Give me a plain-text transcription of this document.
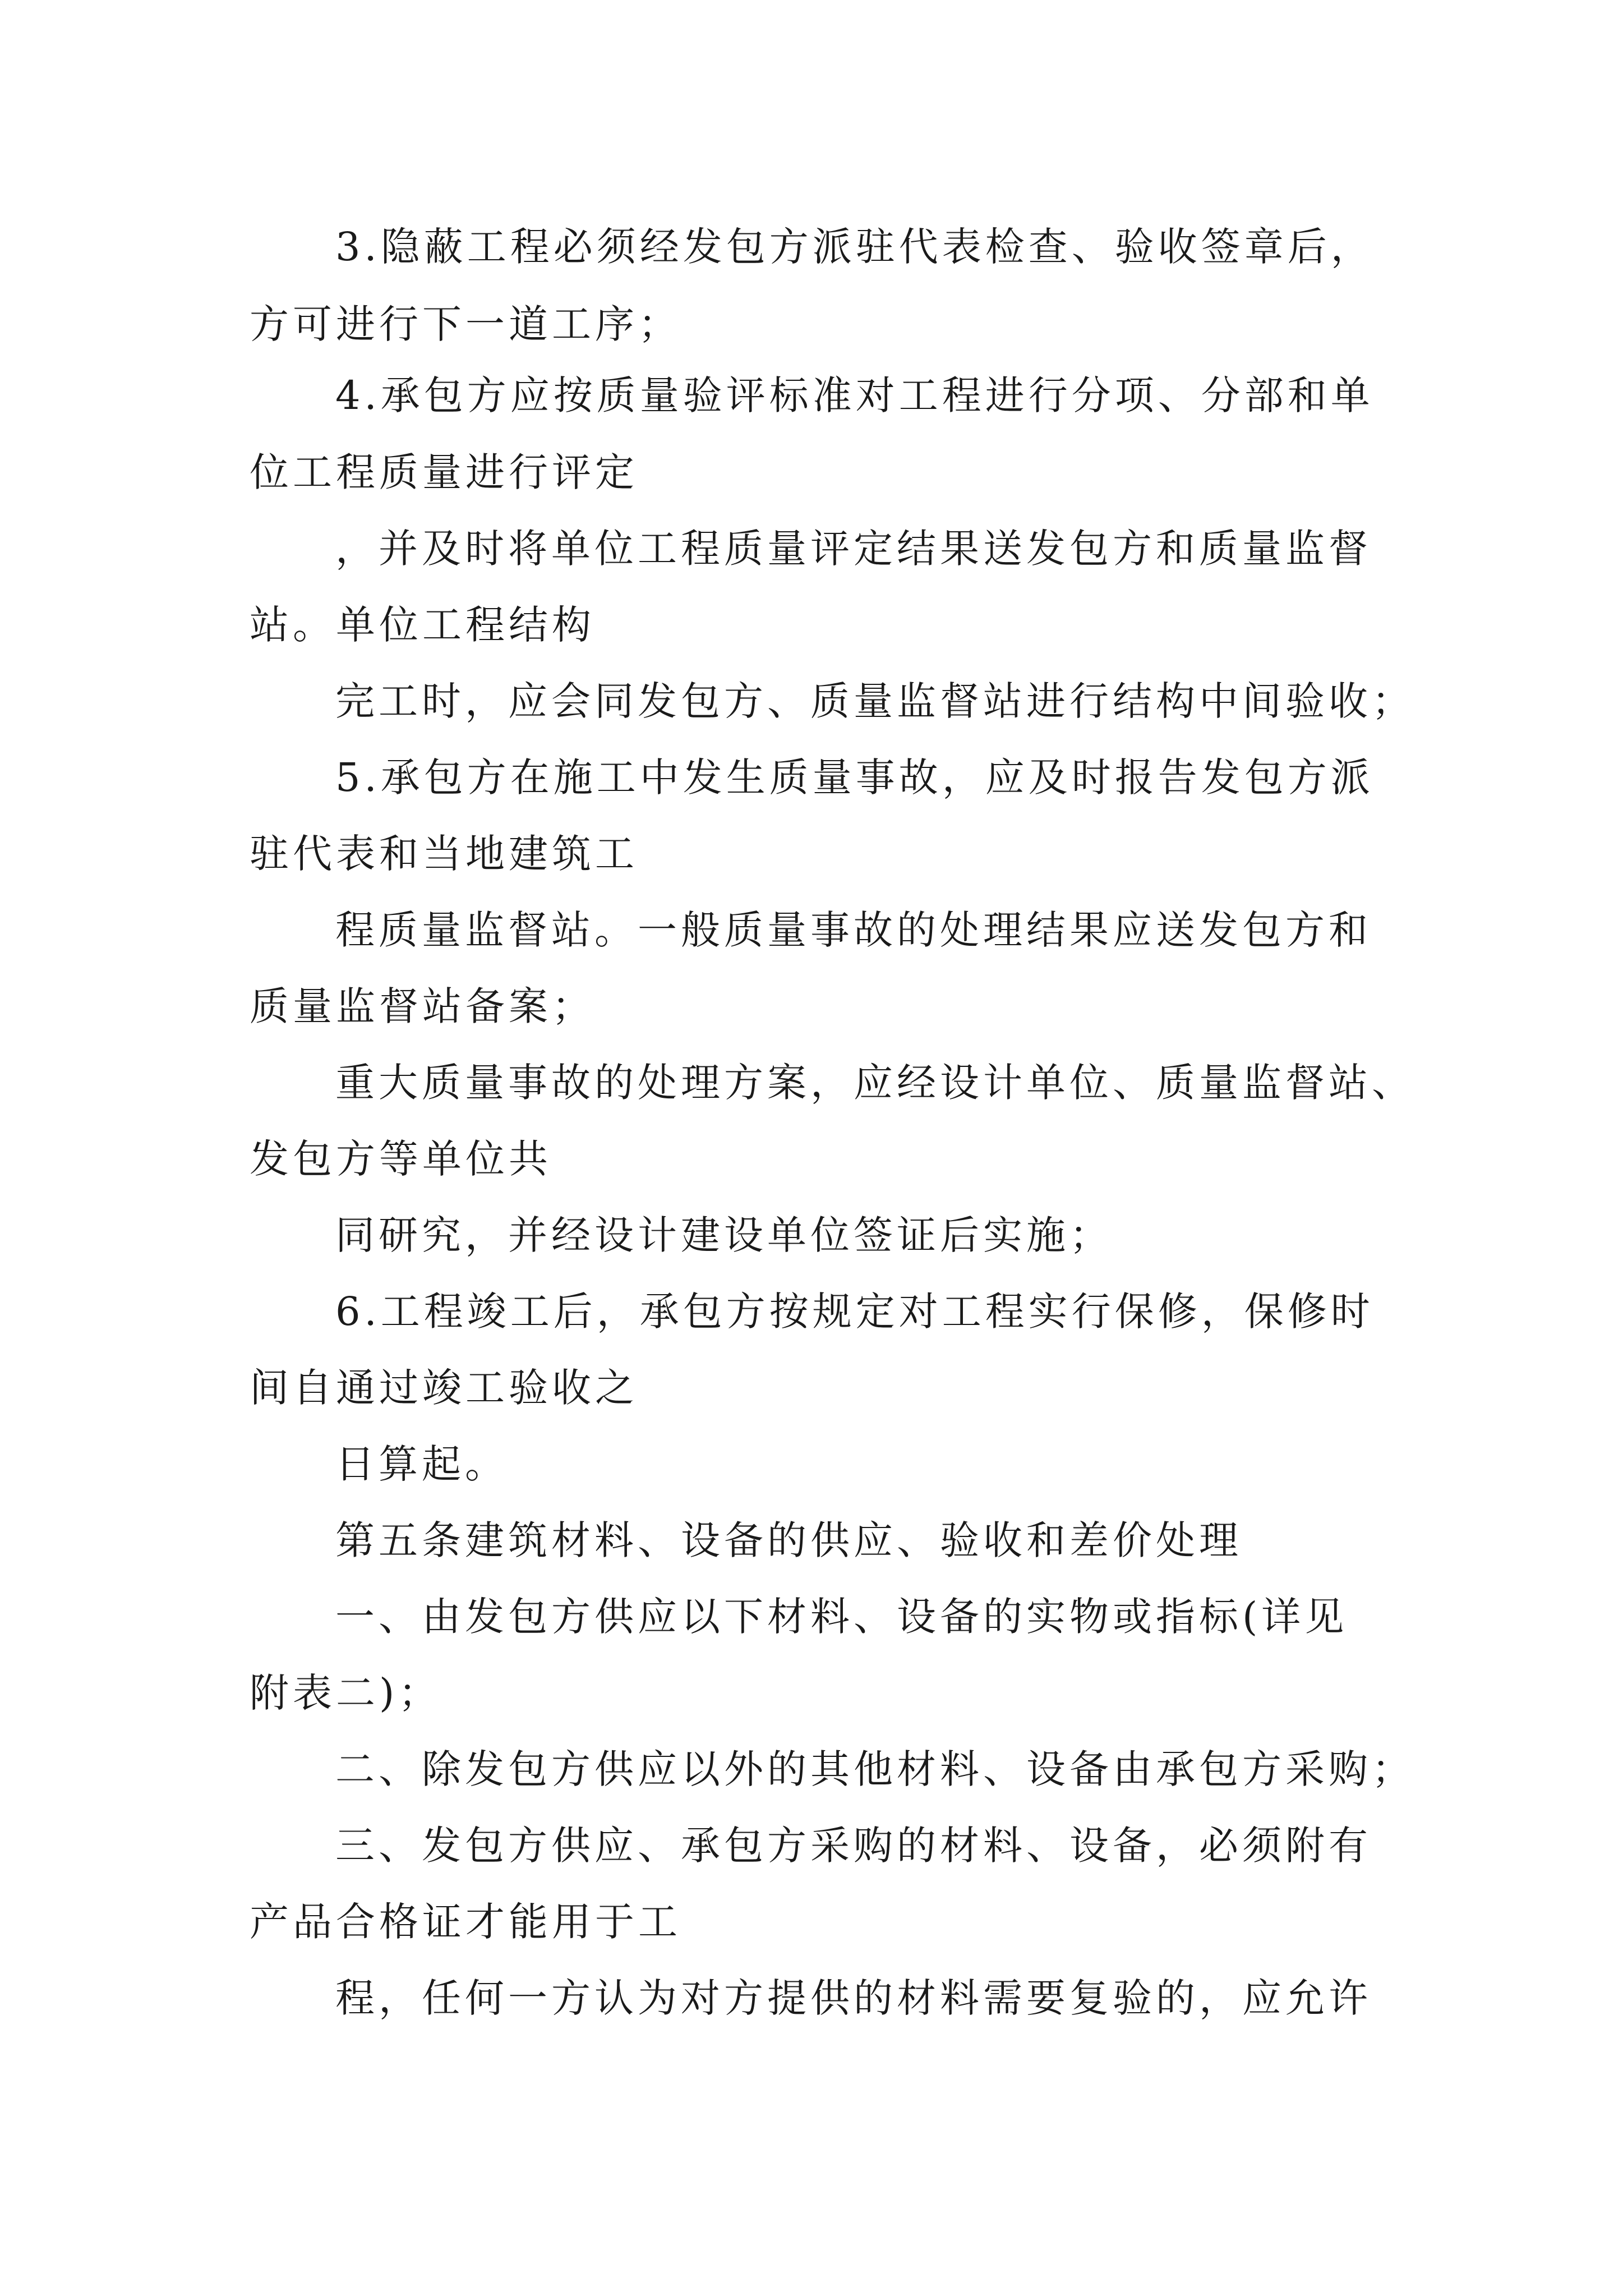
3.隐蔽工程必须经发包方派驻代表检查、验收签章后，
方可进行下一道工序；
4.承包方应按质量验评标准对工程进行分项、分部和单
位工程质量进行评定
，并及时将单位工程质量评定结果送发包方和质量监督
站。单位工程结构
完工时，应会同发包方、质量监督站进行结构中间验收；
5.承包方在施工中发生质量事故，应及时报告发包方派
驻代表和当地建筑工
程质量监督站。一般质量事故的处理结果应送发包方和
质量监督站备案；
重大质量事故的处理方案，应经设计单位、质量监督站、
发包方等单位共
同研究，并经设计建设单位签证后实施；
6.工程竣工后，承包方按规定对工程实行保修，保修时
间自通过竣工验收之
日算起。
第五条建筑材料、设备的供应、验收和差价处理
一、由发包方供应以下材料、设备的实物或指标(详见
附表二)；
二、除发包方供应以外的其他材料、设备由承包方采购；
三、发包方供应、承包方采购的材料、设备，必须附有
产品合格证才能用于工
程，任何一方认为对方提供的材料需要复验的，应允许
